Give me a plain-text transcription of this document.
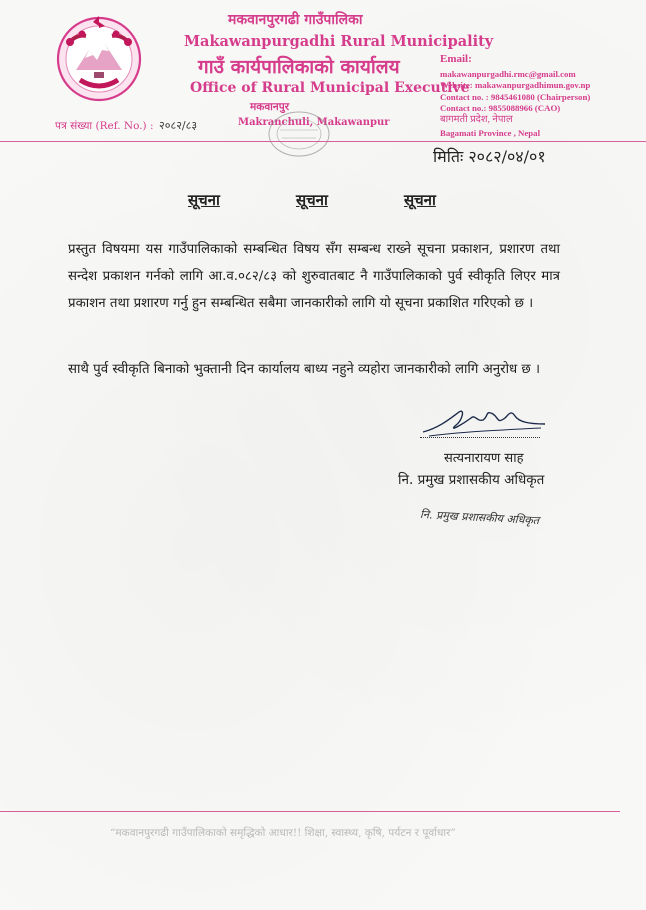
मकवानपुरगढी गाउँपालिका
Makawanpurgadhi Rural Municipality
गाउँ कार्यपालिकाको कार्यालय
Office of Rural Municipal Executive
मकवानपुर
Makranchuli, Makawanpur
पत्र संख्या (Ref. No.) : २०८२/८३
Email:
makawanpurgadhi.rmc@gmail.com
Website: makawanpurgadhimun.gov.np
Contact no. : 9845461080 (Chairperson)
Contact no.: 9855088966 (CAO)
बागमती प्रदेश, नेपाल
Bagamati Province , Nepal
मितिः २०८२/०४/०१
सूचना	सूचना	सूचना
प्रस्तुत विषयमा यस गाउँपालिकाको सम्बन्धित विषय सँग सम्बन्ध राख्ने सूचना प्रकाशन, प्रशारण तथा सन्देश प्रकाशन गर्नको लागि आ.व.०८२/८३ को शुरुवातबाट नै गाउँपालिकाको पुर्व स्वीकृति लिएर मात्र प्रकाशन तथा प्रशारण गर्नु हुन सम्बन्धित सबैमा जानकारीको लागि यो सूचना प्रकाशित गरिएको छ ।
साथै पुर्व स्वीकृति बिनाको भुक्तानी दिन कार्यालय बाध्य नहुने व्यहोरा जानकारीको लागि अनुरोध छ ।
सत्यनारायण साह
नि. प्रमुख प्रशासकीय अधिकृत
नि. प्रमुख प्रशासकीय अधिकृत
“मकवानपुरगढी गाउँपालिकाको समृद्धिको आधार!! शिक्षा, स्वास्थ्य, कृषि, पर्यटन र पूर्वाधार”
